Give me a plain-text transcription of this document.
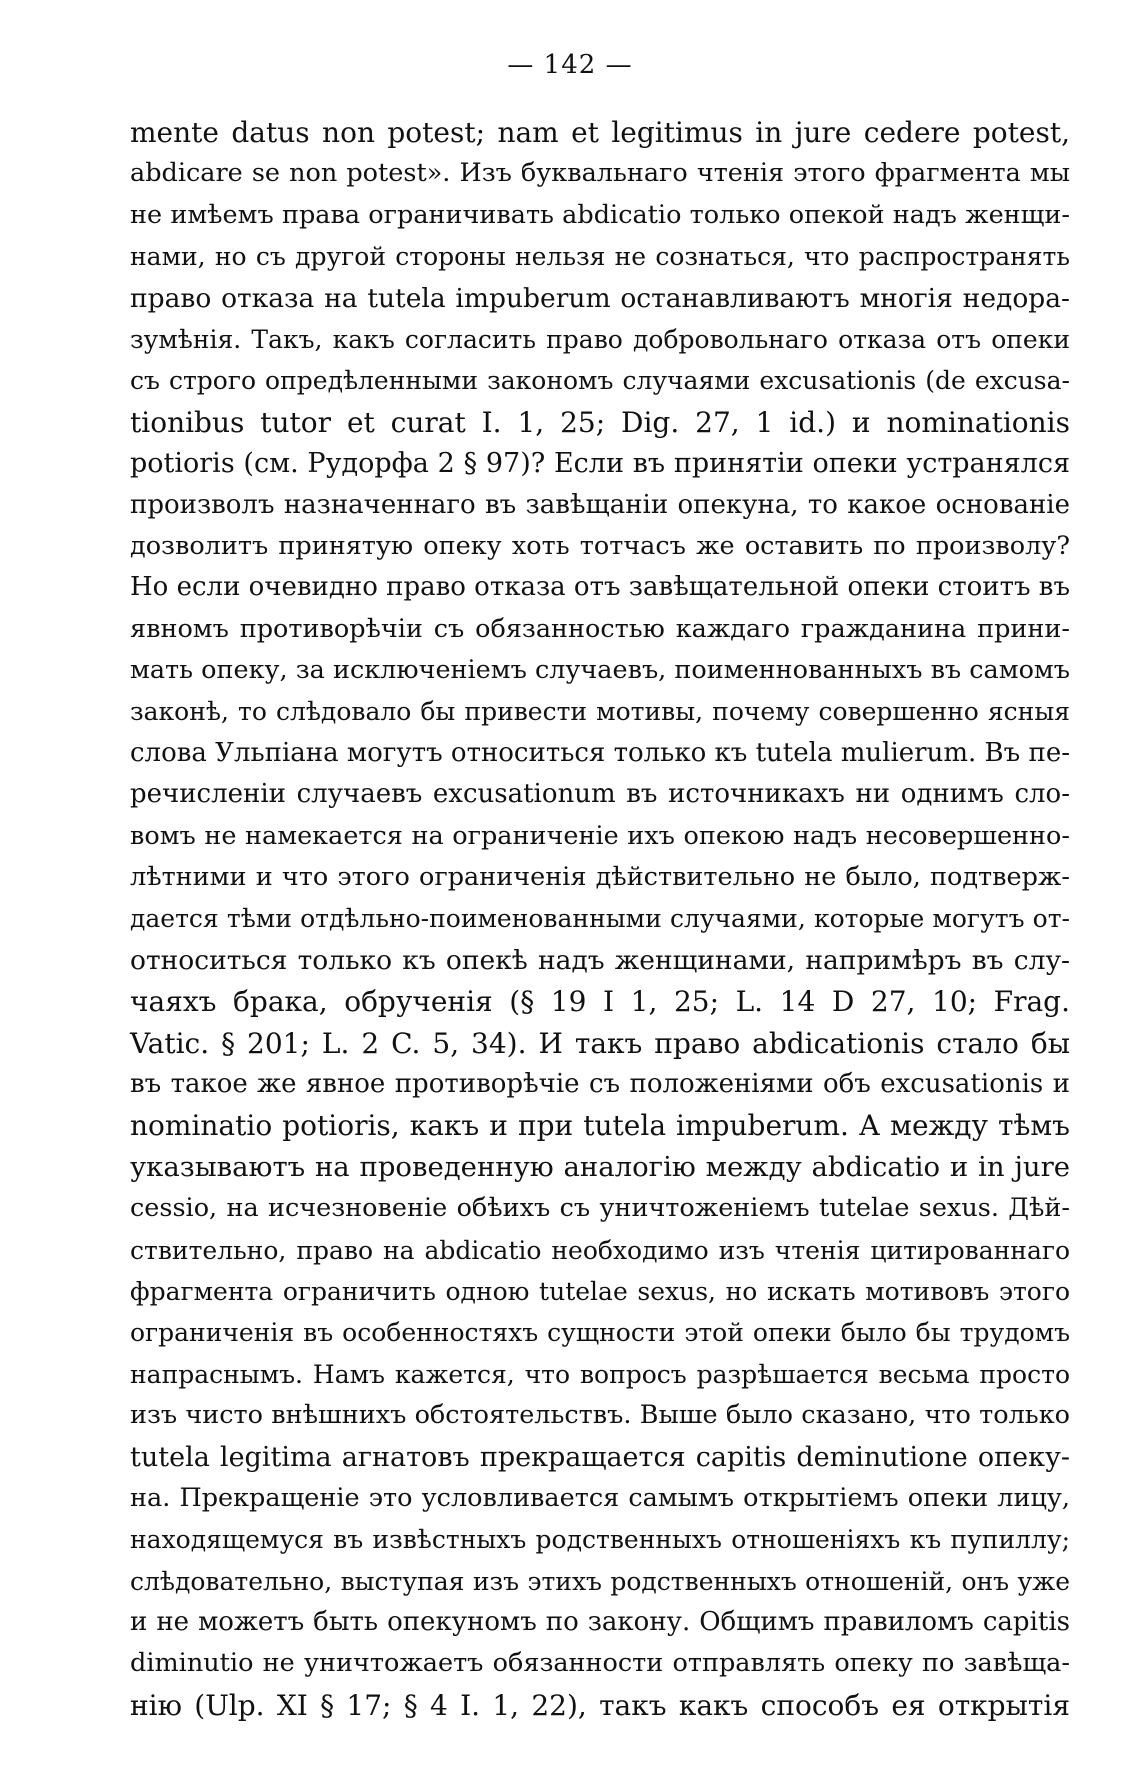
— 142 —
mente datus non potest; nam et legitimus in jure cedere potest,
abdicare se non potest». Изъ буквальнаго чтенія этого фрагмента мы
не имѣемъ права ограничивать abdicatio только опекой надъ женщи-
нами, но съ другой стороны нельзя не сознаться, что распространять
право отказа на tutela impuberum останавливаютъ многія недора-
зумѣнія. Такъ, какъ согласить право добровольнаго отказа отъ опеки
съ строго опредѣленными закономъ случаями excusationis (de excusa-
tionibus tutor et curat I. 1, 25; Dig. 27, 1 id.) и nominationis
potioris (см. Рудорфа 2 § 97)? Если въ принятіи опеки устранялся
произволъ назначеннаго въ завѣщаніи опекуна, то какое основаніе
дозволитъ принятую опеку хоть тотчасъ же оставить по произволу?
Но если очевидно право отказа отъ завѣщательной опеки стоитъ въ
явномъ противорѣчіи съ обязанностью каждаго гражданина прини-
мать опеку, за исключеніемъ случаевъ, поименнованныхъ въ самомъ
законѣ, то слѣдовало бы привести мотивы, почему совершенно ясныя
слова Ульпіана могутъ относиться только къ tutela mulierum. Въ пе-
речисленіи случаевъ excusationum въ источникахъ ни однимъ сло-
вомъ не намекается на ограниченіе ихъ опекою надъ несовершенно-
лѣтними и что этого ограниченія дѣйствительно не было, подтверж-
дается тѣми отдѣльно-поименованными случаями, которые могутъ от-
относиться только къ опекѣ надъ женщинами, напримѣръ въ слу-
чаяхъ брака, обрученія (§ 19 I 1, 25; L. 14 D 27, 10; Frag.
Vatic. § 201; L. 2 C. 5, 34). И такъ право abdicationis стало бы
въ такое же явное противорѣчіе съ положеніями объ excusationis и
nominatio potioris, какъ и при tutela impuberum. А между тѣмъ
указываютъ на проведенную аналогію между abdicatio и in jure
cessio, на исчезновеніе обѣихъ съ уничтоженіемъ tutelae sexus. Дѣй-
ствительно, право на abdicatio необходимо изъ чтенія цитированнаго
фрагмента ограничить одною tutelae sexus, но искать мотивовъ этого
ограниченія въ особенностяхъ сущности этой опеки было бы трудомъ
напраснымъ. Намъ кажется, что вопросъ разрѣшается весьма просто
изъ чисто внѣшнихъ обстоятельствъ. Выше было сказано, что только
tutela legitima агнатовъ прекращается capitis deminutione опеку-
на. Прекращеніе это условливается самымъ открытіемъ опеки лицу,
находящемуся въ извѣстныхъ родственныхъ отношеніяхъ къ пупиллу;
слѣдовательно, выступая изъ этихъ родственныхъ отношеній, онъ уже
и не можетъ быть опекуномъ по закону. Общимъ правиломъ capitis
diminutio не уничтожаетъ обязанности отправлять опеку по завѣща-
нію (Ulp. XI § 17; § 4 I. 1, 22), такъ какъ способъ ея открытія
